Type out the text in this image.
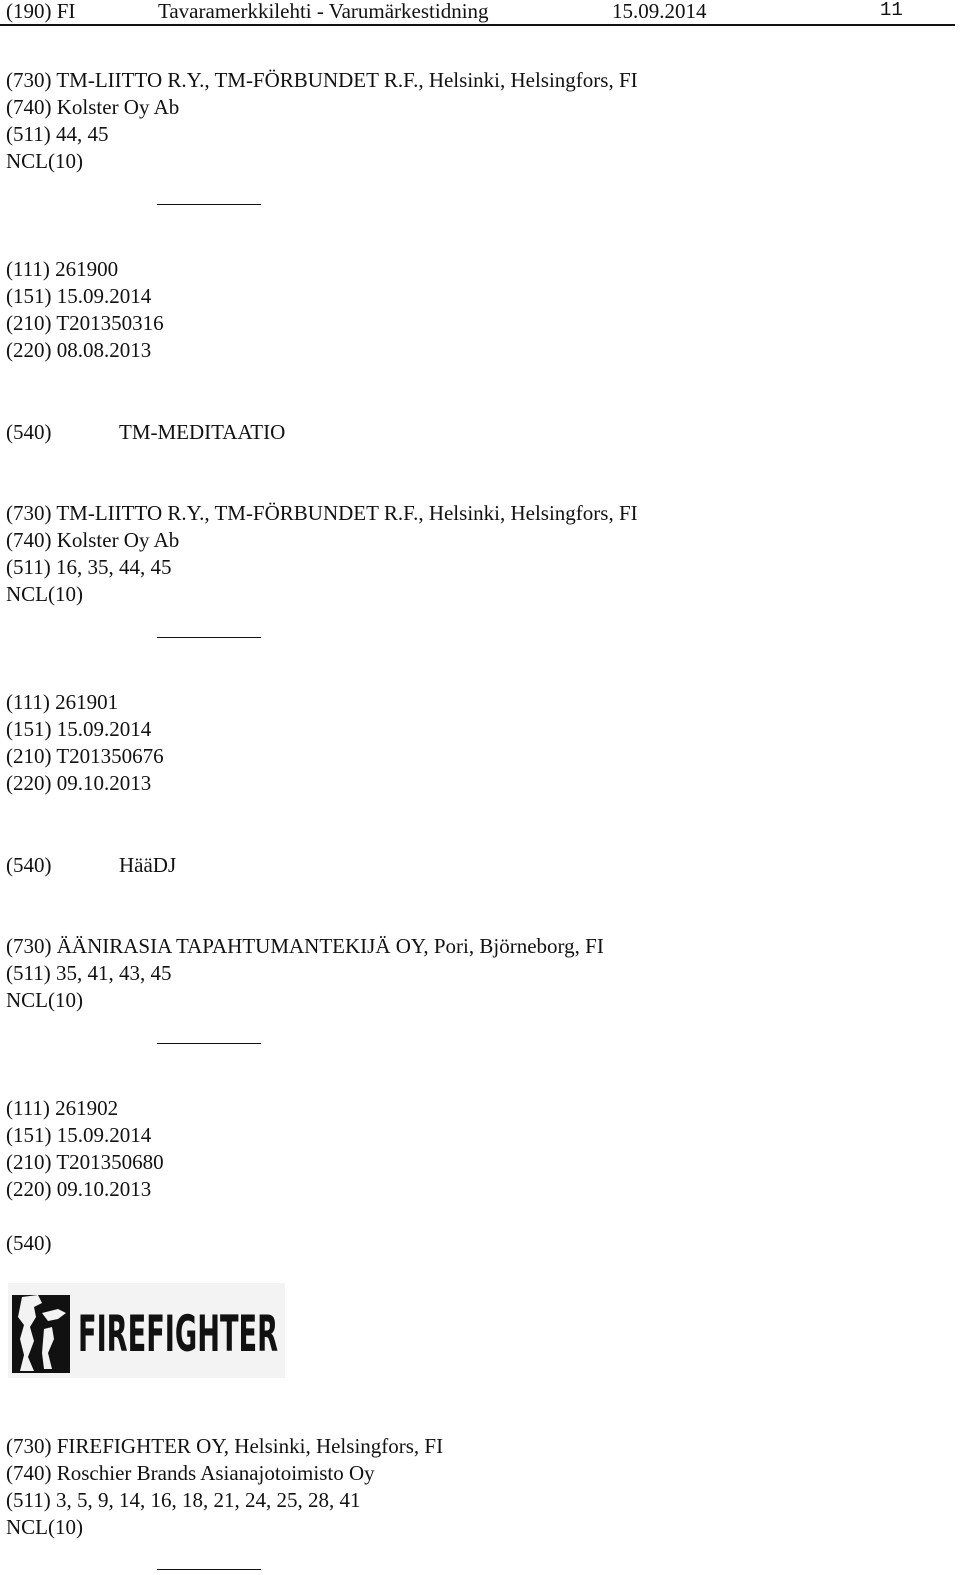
(190) FI	Tavaramerkkilehti - Varumärkestidning	15.09.2014	11
(730) TM-LIITTO R.Y., TM-FÖRBUNDET R.F., Helsinki, Helsingfors, FI
(740) Kolster Oy Ab
(511) 44, 45
NCL(10)
(111) 261900
(151) 15.09.2014
(210) T201350316
(220) 08.08.2013
(540)	TM-MEDITAATIO
(730) TM-LIITTO R.Y., TM-FÖRBUNDET R.F., Helsinki, Helsingfors, FI
(740) Kolster Oy Ab
(511) 16, 35, 44, 45
NCL(10)
(111) 261901
(151) 15.09.2014
(210) T201350676
(220) 09.10.2013
(540)	HääDJ
(730) ÄÄNIRASIA TAPAHTUMANTEKIJÄ OY, Pori, Björneborg, FI
(511) 35, 41, 43, 45
NCL(10)
(111) 261902
(151) 15.09.2014
(210) T201350680
(220) 09.10.2013
(540)
FIREFIGHTER
(730) FIREFIGHTER OY, Helsinki, Helsingfors, FI
(740) Roschier Brands Asianajotoimisto Oy
(511) 3, 5, 9, 14, 16, 18, 21, 24, 25, 28, 41
NCL(10)
